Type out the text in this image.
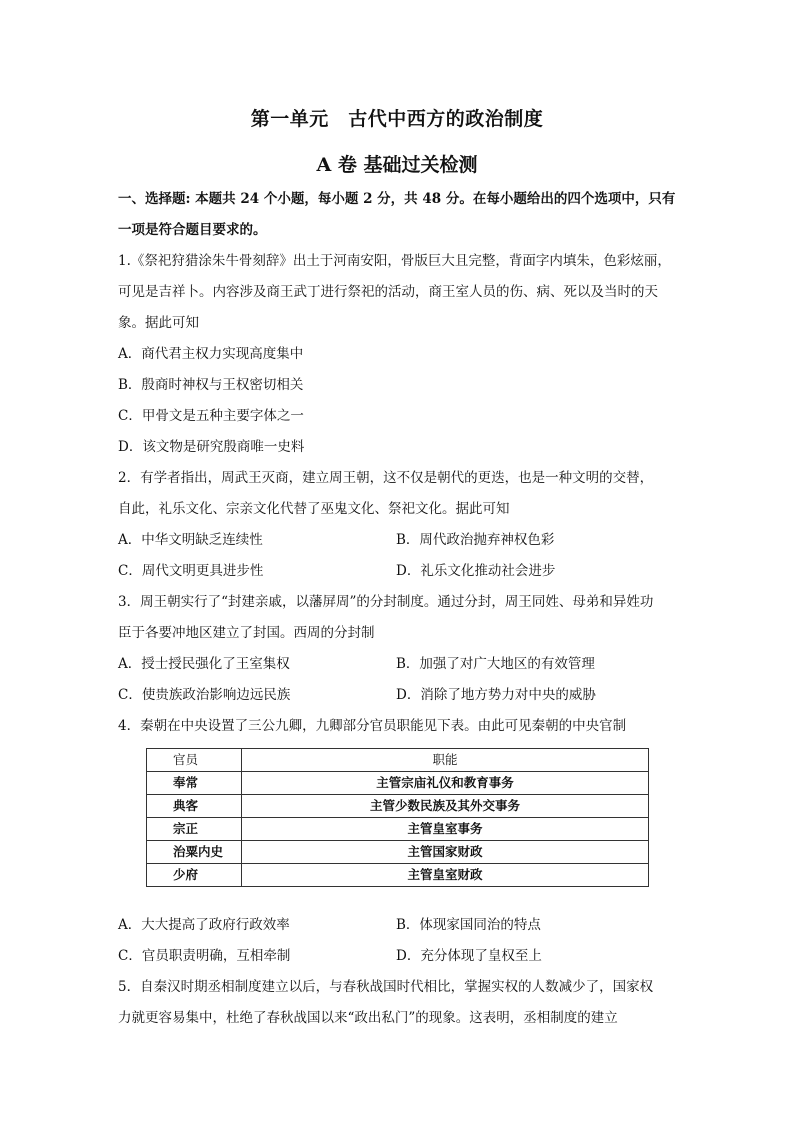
第一单元　古代中西方的政治制度
A 卷 基础过关检测
一、选择题: 本题共 24 个小题，每小题 2 分，共 48 分。在每小题给出的四个选项中，只有
一项是符合题目要求的。
1.《祭祀狩猎涂朱牛骨刻辞》出土于河南安阳，骨版巨大且完整，背面字内填朱，色彩炫丽，
可见是吉祥卜。内容涉及商王武丁进行祭祀的活动，商王室人员的伤、病、死以及当时的天
象。据此可知
A．商代君主权力实现高度集中
B．殷商时神权与王权密切相关
C．甲骨文是五种主要字体之一
D．该文物是研究殷商唯一史料
2．有学者指出，周武王灭商，建立周王朝，这不仅是朝代的更迭，也是一种文明的交替，
自此，礼乐文化、宗亲文化代替了巫鬼文化、祭祀文化。据此可知
A．中华文明缺乏连续性	B．周代政治抛弃神权色彩
C．周代文明更具进步性	D．礼乐文化推动社会进步
3．周王朝实行了“封建亲戚，以藩屏周”的分封制度。通过分封，周王同姓、母弟和异姓功
臣于各要冲地区建立了封国。西周的分封制
A．授士授民强化了王室集权	B．加强了对广大地区的有效管理
C．使贵族政治影响边远民族	D．消除了地方势力对中央的威胁
4．秦朝在中央设置了三公九卿，九卿部分官员职能见下表。由此可见秦朝的中央官制
官员	职能
奉常	主管宗庙礼仪和教育事务
典客	主管少数民族及其外交事务
宗正	主管皇室事务
治粟内史	主管国家财政
少府	主管皇室财政
A．大大提高了政府行政效率	B．体现家国同治的特点
C．官员职责明确，互相牵制	D．充分体现了皇权至上
5．自秦汉时期丞相制度建立以后，与春秋战国时代相比，掌握实权的人数减少了，国家权
力就更容易集中，杜绝了春秋战国以来“政出私门”的现象。这表明，丞相制度的建立
